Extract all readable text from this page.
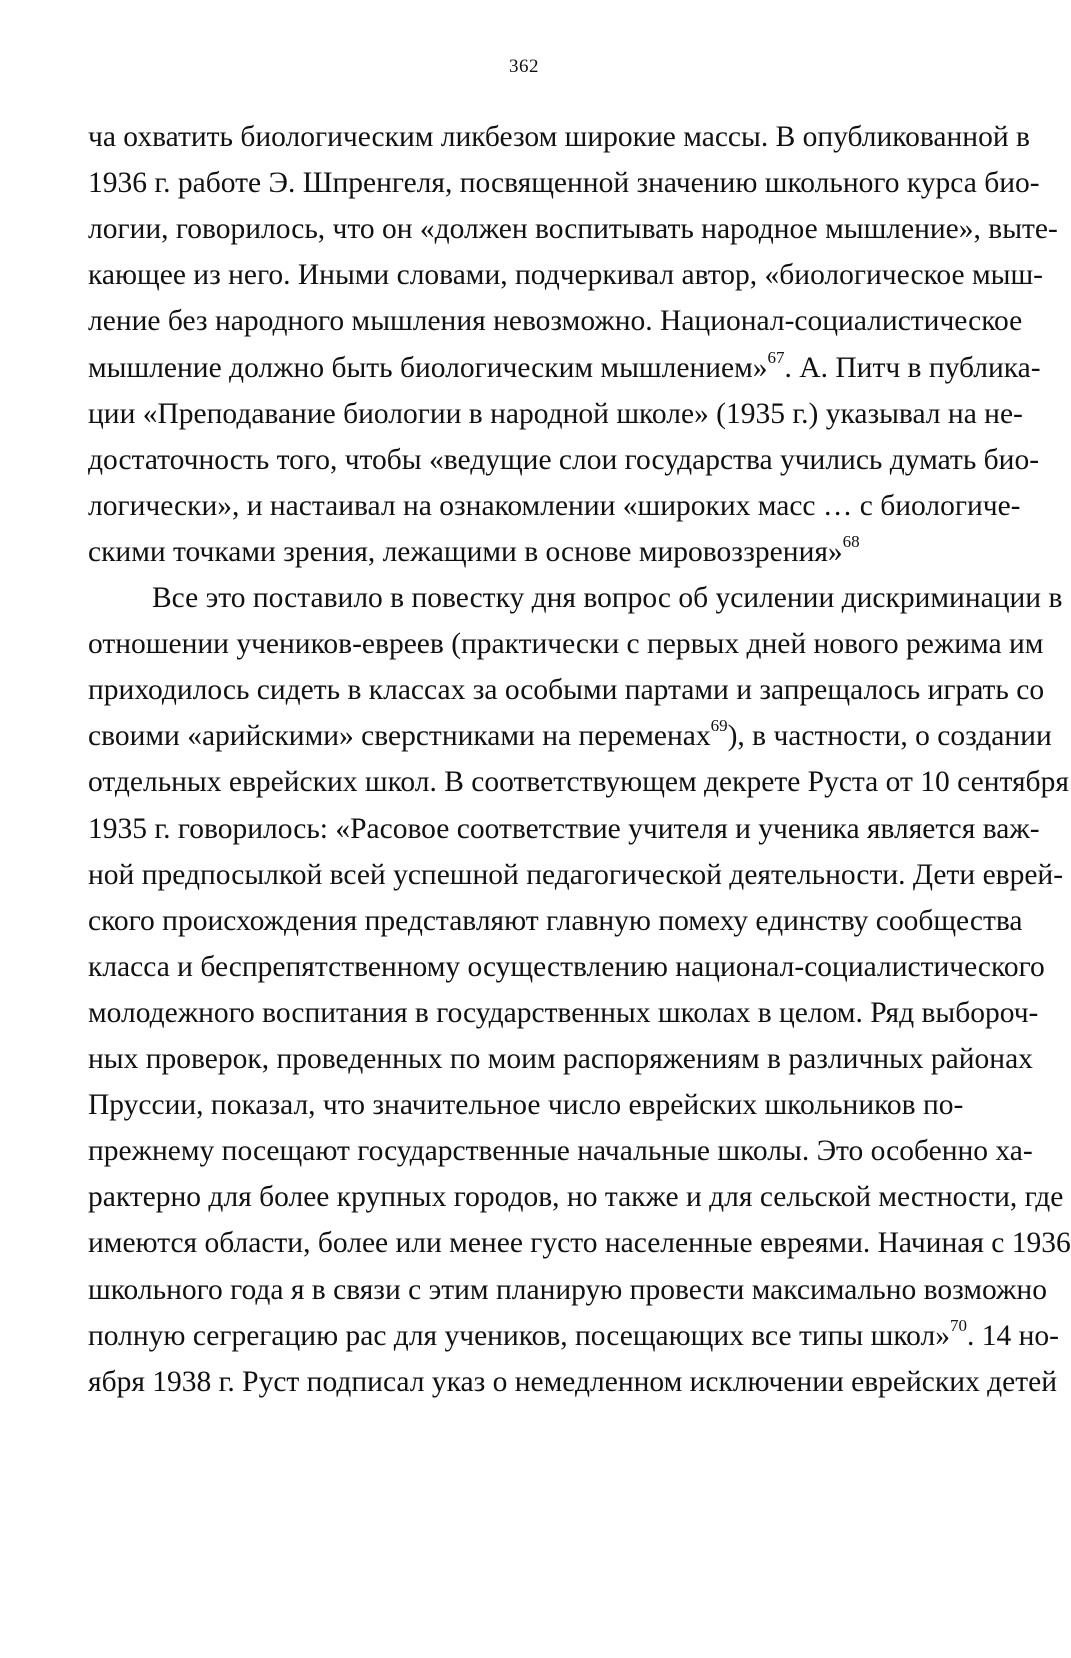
362
ча охватить биологическим ликбезом широкие массы. В опубликованной в
1936 г. работе Э. Шпренгеля, посвященной значению школьного курса био-
логии, говорилось, что он «должен воспитывать народное мышление», выте-
кающее из него. Иными словами, подчеркивал автор, «биологическое мыш-
ление без народного мышления невозможно. Национал-социалистическое
мышление должно быть биологическим мышлением»$^{67}$. А. Питч в публика-
ции «Преподавание биологии в народной школе» (1935 г.) указывал на не-
достаточность того, чтобы «ведущие слои государства учились думать био-
логически», и настаивал на ознакомлении «широких масс … с биологиче-
скими точками зрения, лежащими в основе мировоззрения»$^{68}$
Все это поставило в повестку дня вопрос об усилении дискриминации в
отношении учеников-евреев (практически с первых дней нового режима им
приходилось сидеть в классах за особыми партами и запрещалось играть со
своими «арийскими» сверстниками на переменах$^{69}$), в частности, о создании
отдельных еврейских школ. В соответствующем декрете Руста от 10 сентября
1935 г. говорилось: «Расовое соответствие учителя и ученика является важ-
ной предпосылкой всей успешной педагогической деятельности. Дети еврей-
ского происхождения представляют главную помеху единству сообщества
класса и беспрепятственному осуществлению национал-социалистического
молодежного воспитания в государственных школах в целом. Ряд выбороч-
ных проверок, проведенных по моим распоряжениям в различных районах
Пруссии, показал, что значительное число еврейских школьников по-
прежнему посещают государственные начальные школы. Это особенно ха-
рактерно для более крупных городов, но также и для сельской местности, где
имеются области, более или менее густо населенные евреями. Начиная с 1936
школьного года я в связи с этим планирую провести максимально возможно
полную сегрегацию рас для учеников, посещающих все типы школ»$^{70}$. 14 но-
ября 1938 г. Руст подписал указ о немедленном исключении еврейских детей
